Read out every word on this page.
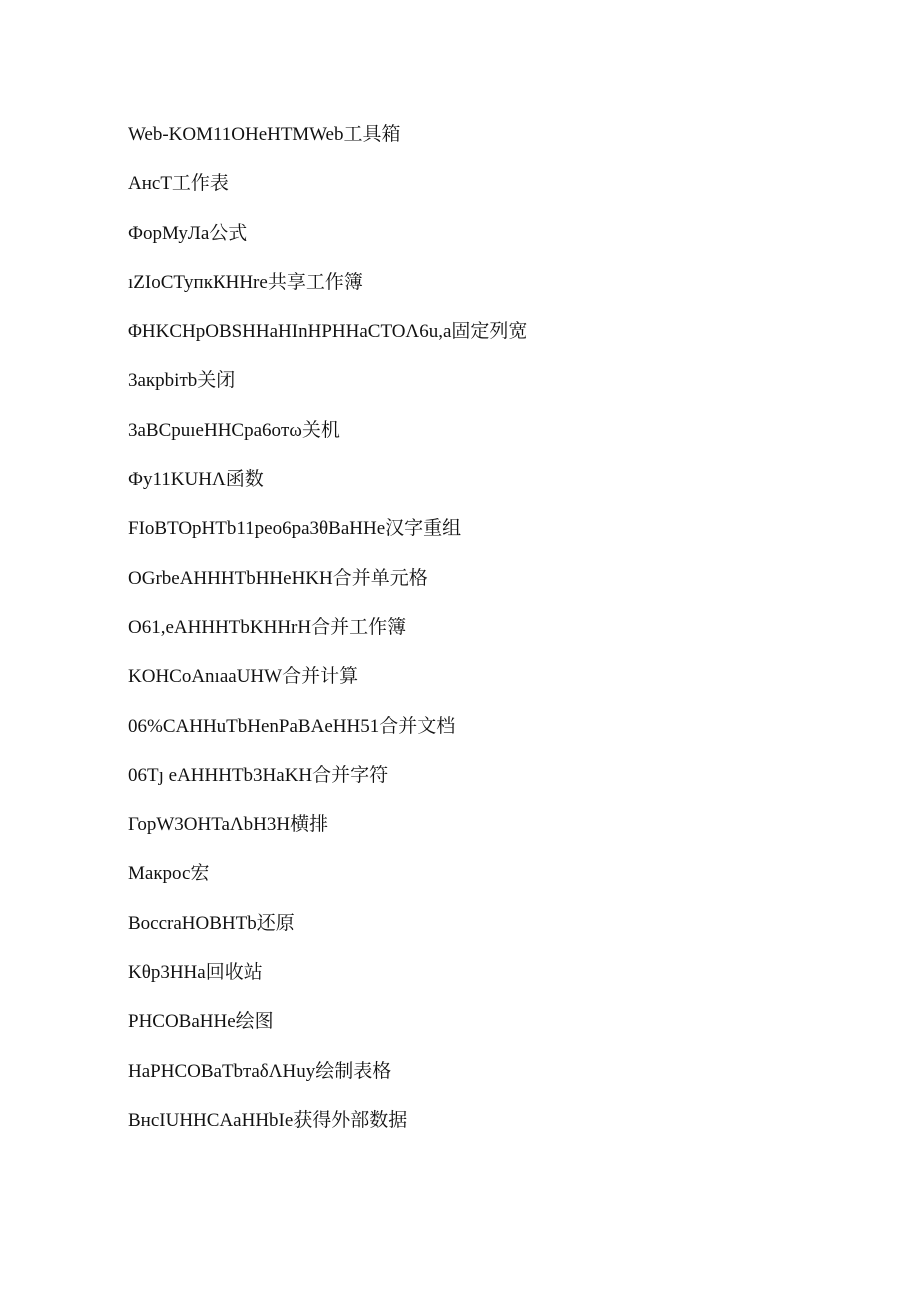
Web-KOM11ОНеНТМWeb工具箱
АнсТ工作表
ФорМуЛа公式
ıZIoCТупкКННrе共享工作簿
ΦHKCHpOBSHHaHInHPHHaCTOΛ6u,a固定列宽
3акpbiтb关闭
3aBCpuıeHHCpa6oтω关机
Фу11KUHΛ函数
FIoBTOpHTb11peo6pa3θBaHHe汉字重组
OGrbeAHHHTbHHeHKH合并单元格
O61,eAHHHTbKHHrH合并工作簿
KOHCoAnıaaUHW合并计算
06%CAHHuTbHenPaBAeHH51合并文档
06Tȷ eAHHHTb3HaKH合并字符
ГорW3OHTaΛbH3H横排
Макрос宏
BoccraHOBHTb还原
Kθp3HHa回收站
PHCOBaHHe绘图
HaPHCOBaTbтaδΛHuy绘制表格
BнсIUHHCAaHHbIe获得外部数据
